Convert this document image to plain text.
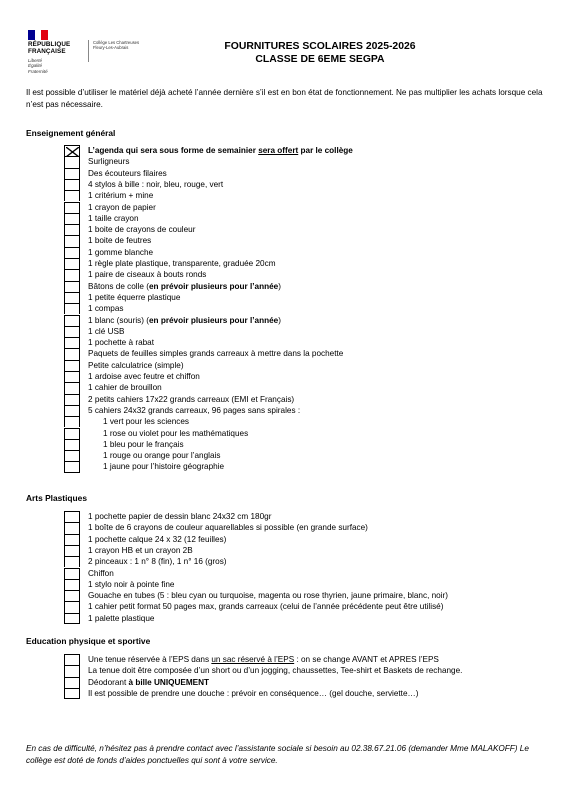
RÉPUBLIQUE
FRANÇAISE
Liberté
Égalité
Fraternité
Collège Les Chartreuses
Fleury-Les-Aubrais	FOURNITURES SCOLAIRES 2025-2026
CLASSE DE 6EME SEGPA
Il est possible d’utiliser le matériel déjà acheté l’année dernière s’il est en bon état de fonctionnement. Ne pas multiplier les achats lorsque cela n’est pas nécessaire.
Enseignement général
L’agenda qui sera sous forme de semainier sera offert par le collège
Surligneurs
Des écouteurs filaires
4 stylos à bille : noir, bleu, rouge, vert
1 critérium + mine
1 crayon de papier
1 taille crayon
1 boite de crayons de couleur
1 boite de feutres
1 gomme blanche
1 règle plate plastique, transparente, graduée 20cm
1 paire de ciseaux à bouts ronds
1 petite équerre plastique
1 compas
1 clé USB
1 pochette à rabat
Paquets de feuilles simples grands carreaux à mettre dans la pochette
Petite calculatrice (simple)
1 ardoise avec feutre et chiffon
1 cahier de brouillon
2 petits cahiers 17x22 grands carreaux (EMI et Français)
5 cahiers 24x32 grands carreaux, 96 pages sans spirales :
1 vert pour les sciences
1 rose ou violet pour les mathématiques
1 bleu pour le français
1 rouge ou orange pour l’anglais
1 jaune pour l’histoire géographie
Bâtons de colle (en prévoir plusieurs pour l’année)
1 blanc (souris) (en prévoir plusieurs pour l’année)
Arts Plastiques
1 pochette papier de dessin blanc 24x32 cm 180gr
1 boîte de 6 crayons de couleur aquarellables si possible (en grande surface)
1 pochette calque 24 x 32 (12 feuilles)
1 crayon HB et un crayon 2B
2 pinceaux : 1 n° 8 (fin), 1 n° 16 (gros)
Chiffon
1 stylo noir à pointe fine
Gouache en tubes (5 : bleu cyan ou turquoise, magenta ou rose thyrien, jaune primaire, blanc, noir)
1 cahier petit format 50 pages max, grands carreaux (celui de l’année précédente peut être utilisé)
1 palette plastique
Education physique et sportive
Une tenue réservée à l’EPS dans un sac réservé à l’EPS : on se change AVANT et APRES l’EPS
La tenue doit être composée d’un short ou d’un jogging, chaussettes, Tee-shirt et Baskets de rechange.
Déodorant à bille UNIQUEMENT
Il est possible de prendre une douche : prévoir en conséquence… (gel douche, serviette…)
En cas de difficulté, n’hésitez pas à prendre contact avec l’assistante sociale si besoin au 02.38.67.21.06 (demander Mme MALAKOFF) Le collège est doté de fonds d’aides ponctuelles qui sont à votre service.
